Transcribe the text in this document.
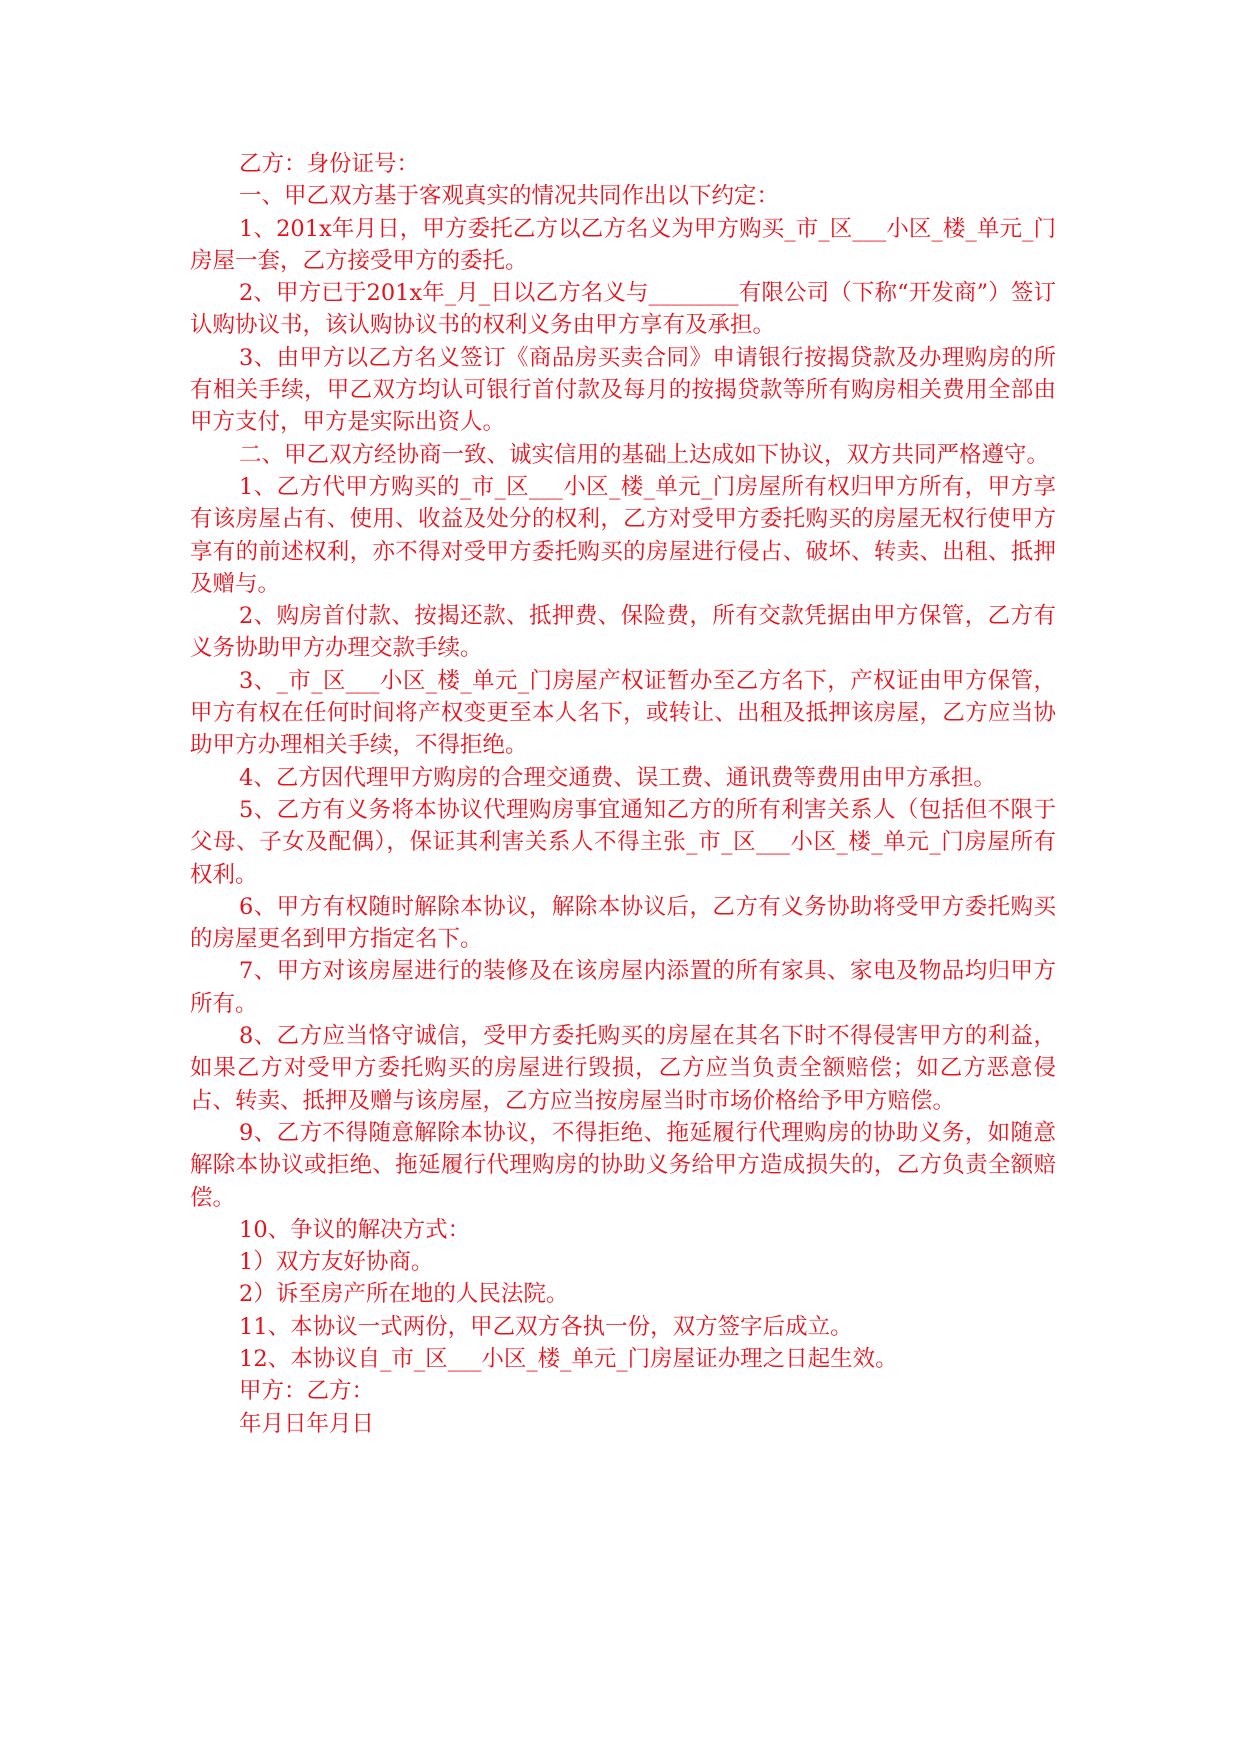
乙方：身份证号：

一、甲乙双方基于客观真实的情况共同作出以下约定：

1、201x年月日，甲方委托乙方以乙方名义为甲方购买_市_区___小区_楼_单元_门房屋一套，乙方接受甲方的委托。

2、甲方已于201x年_月_日以乙方名义与________有限公司（下称“开发商”）签订认购协议书，该认购协议书的权利义务由甲方享有及承担。

3、由甲方以乙方名义签订《商品房买卖合同》申请银行按揭贷款及办理购房的所有相关手续，甲乙双方均认可银行首付款及每月的按揭贷款等所有购房相关费用全部由甲方支付，甲方是实际出资人。

二、甲乙双方经协商一致、诚实信用的基础上达成如下协议，双方共同严格遵守。

1、乙方代甲方购买的_市_区___小区_楼_单元_门房屋所有权归甲方所有，甲方享有该房屋占有、使用、收益及处分的权利，乙方对受甲方委托购买的房屋无权行使甲方享有的前述权利，亦不得对受甲方委托购买的房屋进行侵占、破坏、转卖、出租、抵押及赠与。

2、购房首付款、按揭还款、抵押费、保险费，所有交款凭据由甲方保管，乙方有义务协助甲方办理交款手续。

3、_市_区___小区_楼_单元_门房屋产权证暂办至乙方名下，产权证由甲方保管，甲方有权在任何时间将产权变更至本人名下，或转让、出租及抵押该房屋，乙方应当协助甲方办理相关手续，不得拒绝。

4、乙方因代理甲方购房的合理交通费、误工费、通讯费等费用由甲方承担。

5、乙方有义务将本协议代理购房事宜通知乙方的所有利害关系人（包括但不限于父母、子女及配偶），保证其利害关系人不得主张_市_区___小区_楼_单元_门房屋所有权利。

6、甲方有权随时解除本协议，解除本协议后，乙方有义务协助将受甲方委托购买的房屋更名到甲方指定名下。

7、甲方对该房屋进行的装修及在该房屋内添置的所有家具、家电及物品均归甲方所有。

8、乙方应当恪守诚信，受甲方委托购买的房屋在其名下时不得侵害甲方的利益，如果乙方对受甲方委托购买的房屋进行毁损，乙方应当负责全额赔偿；如乙方恶意侵占、转卖、抵押及赠与该房屋，乙方应当按房屋当时市场价格给予甲方赔偿。

9、乙方不得随意解除本协议，不得拒绝、拖延履行代理购房的协助义务，如随意解除本协议或拒绝、拖延履行代理购房的协助义务给甲方造成损失的，乙方负责全额赔偿。

10、争议的解决方式：

1）双方友好协商。

2）诉至房产所在地的人民法院。

11、本协议一式两份，甲乙双方各执一份，双方签字后成立。

12、本协议自_市_区___小区_楼_单元_门房屋证办理之日起生效。

甲方：乙方：

年月日年月日
